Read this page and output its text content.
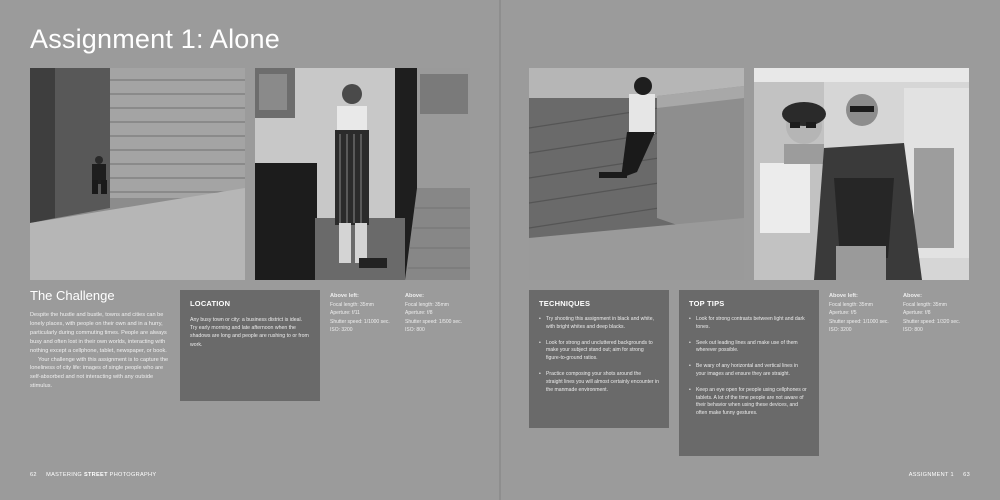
Assignment 1: Alone
The Challenge

Despite the hustle and bustle, towns and cities can be lonely places, with people on their own and in a hurry, particularly during commuting times. People are always busy and often lost in their own worlds, interacting with nothing except a cellphone, tablet, newspaper, or book.

Your challenge with this assignment is to capture the loneliness of city life: images of single people who are self-absorbed and not interacting with any outside stimulus.

LOCATION
Any busy town or city: a business district is ideal. Try early morning and late afternoon when the shadows are long and people are rushing to or from work.
Above left:
Focal length: 35mm
Aperture: f/11
Shutter speed: 1/1000 sec.
ISO: 3200
Above:
Focal length: 35mm
Aperture: f/8
Shutter speed: 1/500 sec.
ISO: 800
TECHNIQUES
• Try shooting this assignment in black and white, with bright whites and deep blacks.
• Look for strong and uncluttered backgrounds to make your subject stand out; aim for strong figure-to-ground ratios.
• Practice composing your shots around the straight lines you will almost certainly encounter in the manmade environment.
TOP TIPS
• Look for strong contrasts between light and dark tones.
• Seek out leading lines and make use of them wherever possible.
• Be wary of any horizontal and vertical lines in your images and ensure they are straight.
• Keep an eye open for people using cellphones or tablets. A lot of the time people are not aware of their behavior when using these devices, and often make funny gestures.
Above left:
Focal length: 35mm
Aperture: f/5
Shutter speed: 1/1000 sec.
ISO: 3200
Above:
Focal length: 35mm
Aperture: f/8
Shutter speed: 1/320 sec.
ISO: 800
62 MASTERING STREET PHOTOGRAPHY	ASSIGNMENT 1 63
